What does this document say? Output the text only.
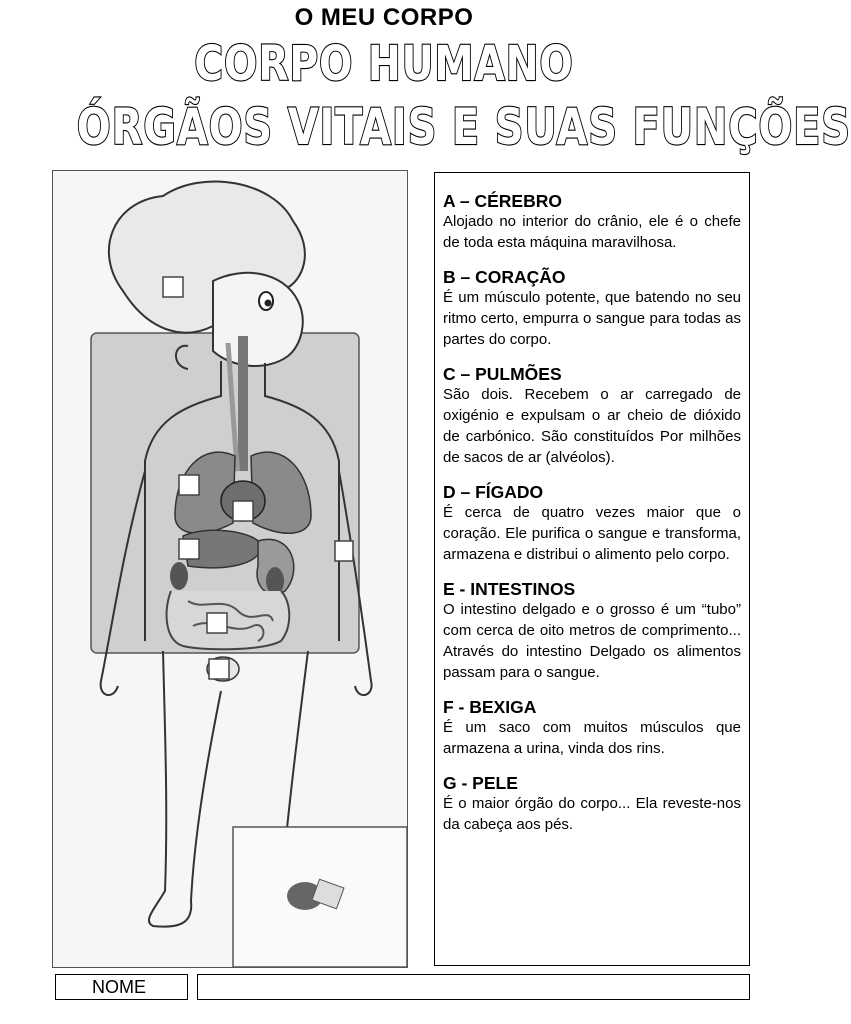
O MEU CORPO
CORPO HUMANO
ÓRGÃOS VITAIS E SUAS FUNÇÕES
A – CÉREBRO
Alojado no interior do crânio, ele é o chefe de toda esta máquina maravilhosa.
B – CORAÇÃO
É um músculo potente, que batendo no seu ritmo certo, empurra o sangue para todas as partes do corpo.
C – PULMÕES
São dois. Recebem o ar carregado de oxigénio e expulsam o ar cheio de dióxido de carbónico. São constituídos Por milhões de sacos de ar (alvéolos).
D – FÍGADO
É cerca de quatro vezes maior que o coração. Ele purifica o sangue e transforma, armazena e distribui o alimento pelo corpo.
E - INTESTINOS
O intestino delgado e o grosso é um “tubo” com cerca de oito metros de comprimento... Através do intestino Delgado os alimentos passam para o sangue.
F - BEXIGA
É um saco com muitos músculos que armazena a urina, vinda dos rins.
G - PELE
É o maior órgão do corpo... Ela reveste-nos da cabeça aos pés.
NOME
